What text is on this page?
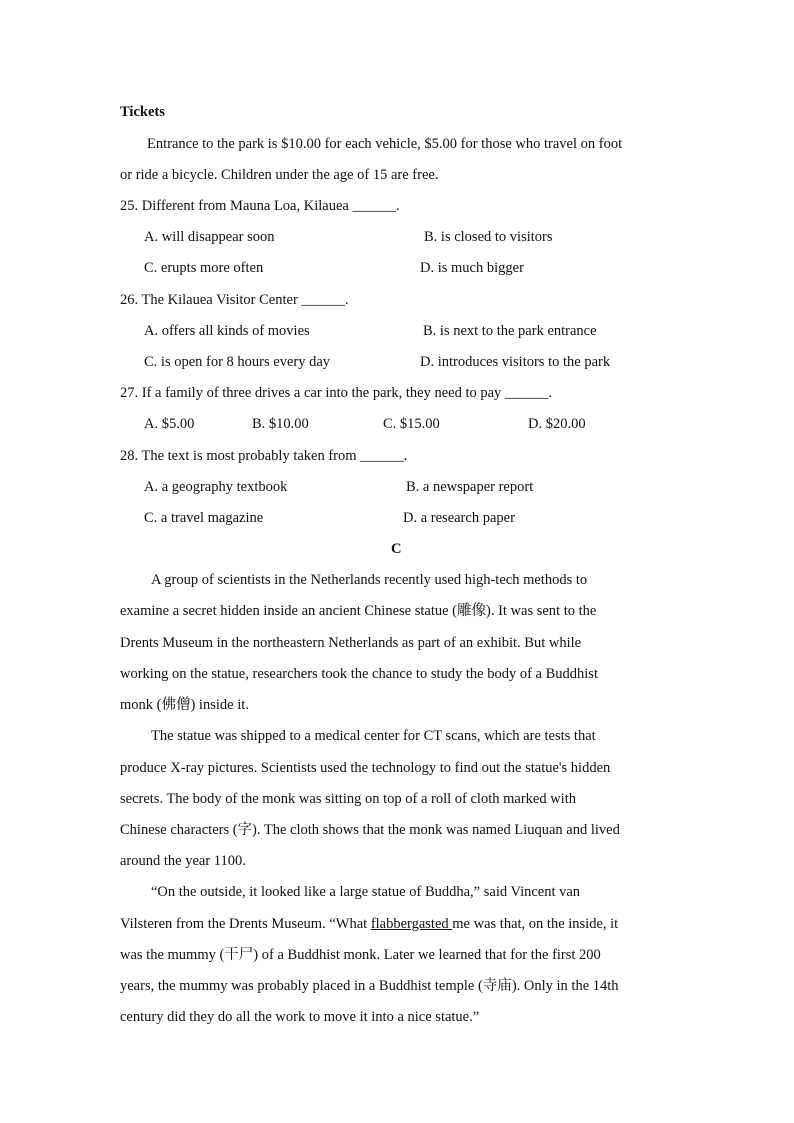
Tickets
Entrance to the park is $10.00 for each vehicle, $5.00 for those who travel on foot
or ride a bicycle. Children under the age of 15 are free.
25. Different from Mauna Loa, Kilauea ______.
A. will disappear soon	B. is closed to visitors
C. erupts more often	D. is much bigger
26. The Kilauea Visitor Center ______.
A. offers all kinds of movies	B. is next to the park entrance
C. is open for 8 hours every day	D. introduces visitors to the park
27. If a family of three drives a car into the park, they need to pay ______.
A. $5.00	B. $10.00	C. $15.00	D. $20.00
28. The text is most probably taken from ______.
A. a geography textbook	B. a newspaper report
C. a travel magazine	D. a research paper
C
A group of scientists in the Netherlands recently used high-tech methods to
examine a secret hidden inside an ancient Chinese statue (雕像). It was sent to the
Drents Museum in the northeastern Netherlands as part of an exhibit. But while
working on the statue, researchers took the chance to study the body of a Buddhist
monk (佛僧) inside it.
The statue was shipped to a medical center for CT scans, which are tests that
produce X-ray pictures. Scientists used the technology to find out the statue's hidden
secrets. The body of the monk was sitting on top of a roll of cloth marked with
Chinese characters (字). The cloth shows that the monk was named Liuquan and lived
around the year 1100.
“On the outside, it looked like a large statue of Buddha,” said Vincent van
Vilsteren from the Drents Museum. “What flabbergasted me was that, on the inside, it
was the mummy (干尸) of a Buddhist monk. Later we learned that for the first 200
years, the mummy was probably placed in a Buddhist temple (寺庙). Only in the 14th
century did they do all the work to move it into a nice statue.”
